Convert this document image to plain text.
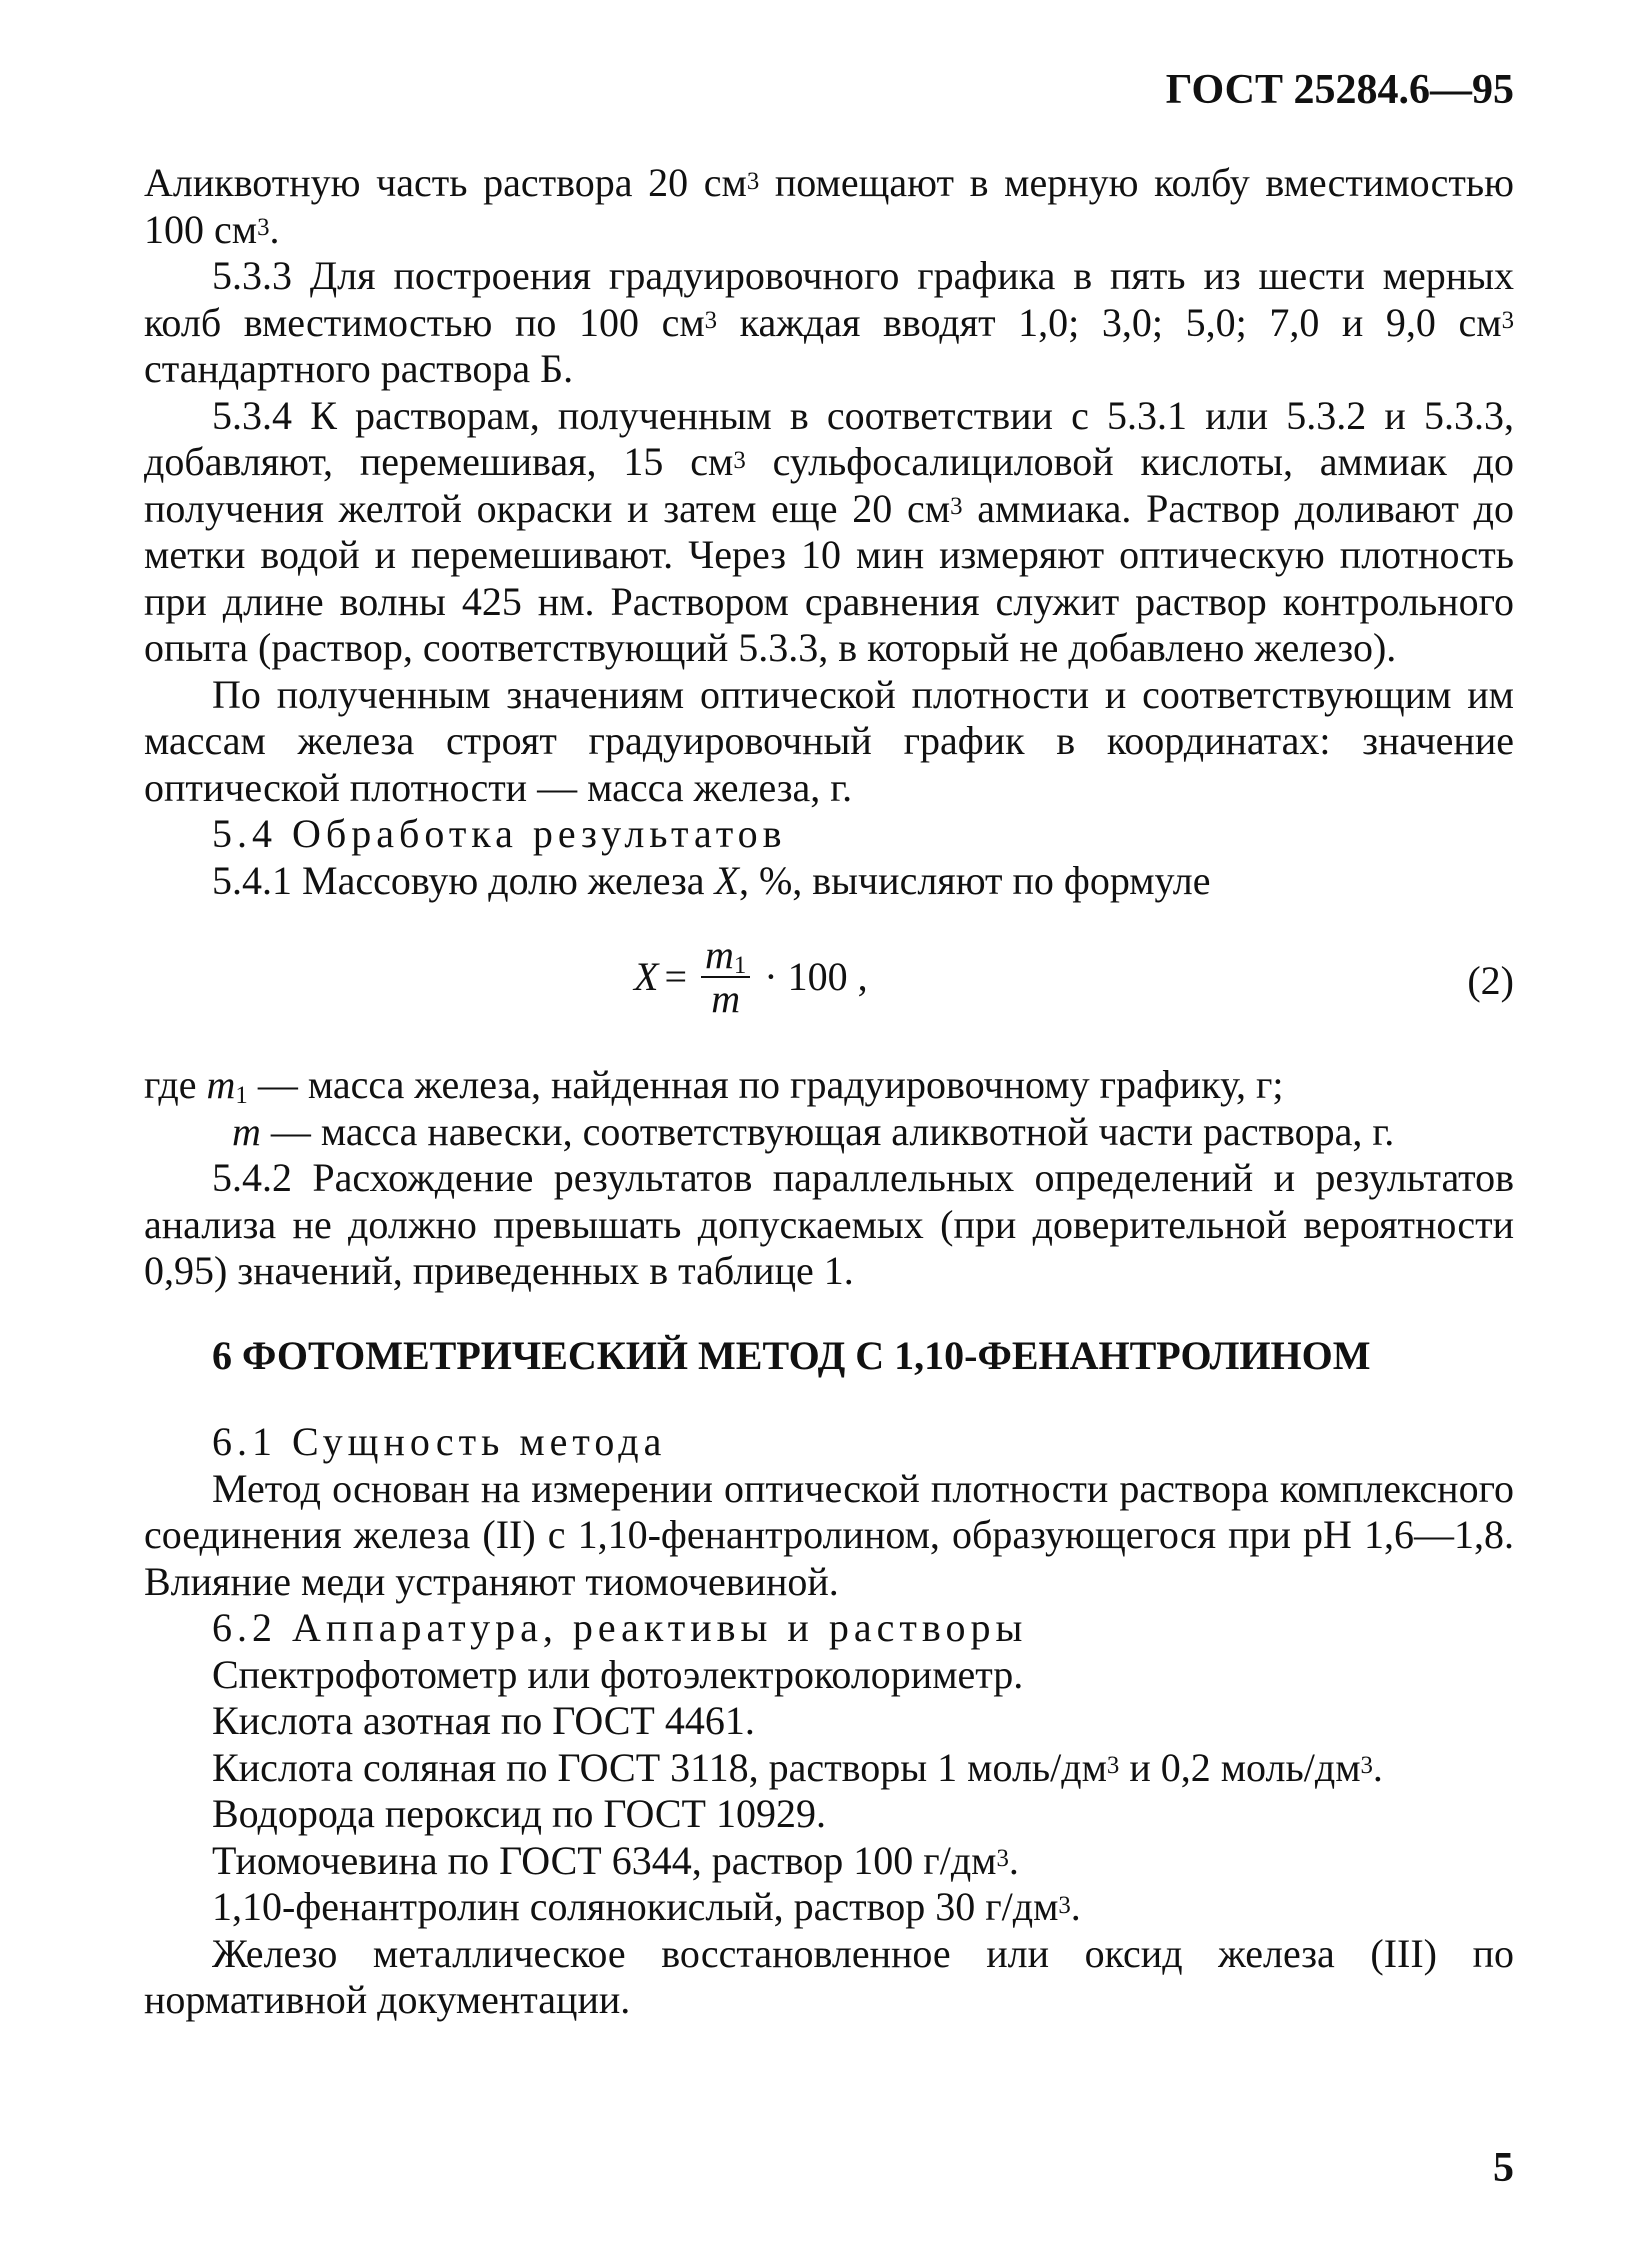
ГОСТ 25284.6—95

Аликвотную часть раствора 20 $см^3$ помещают в мерную колбу вместимостью 100 $см^3$.

5.3.3 Для построения градуировочного графика в пять из шести мерных колб вместимостью по 100 $см^3$ каждая вводят 1,0; 3,0; 5,0; 7,0 и 9,0 $см^3$ стандартного раствора Б.

5.3.4 К растворам, полученным в соответствии с 5.3.1 или 5.3.2 и 5.3.3, добавляют, перемешивая, 15 $см^3$ сульфосалициловой кислоты, аммиак до получения желтой окраски и затем еще 20 $см^3$ аммиака. Раствор доливают до метки водой и перемешивают. Через 10 мин измеряют оптическую плотность при длине волны 425 нм. Раствором сравнения служит раствор контрольного опыта (раствор, соответствующий 5.3.3, в который не добавлено железо).

По полученным значениям оптической плотности и соответствующим им массам железа строят градуировочный график в координатах: значение оптической плотности — масса железа, г.

5.4 Обработка результатов

5.4.1 Массовую долю железа X, %, вычисляют по формуле

$X = \frac{m_1}{m} \cdot 100$ ,	(2)

где $m_1$ — масса железа, найденная по градуировочному графику, г;

m — масса навески, соответствующая аликвотной части раствора, г.

5.4.2 Расхождение результатов параллельных определений и результатов анализа не должно превышать допускаемых (при доверительной вероятности 0,95) значений, приведенных в таблице 1.

6 ФОТОМЕТРИЧЕСКИЙ МЕТОД С 1,10-ФЕНАНТРОЛИНОМ

6.1 Сущность метода

Метод основан на измерении оптической плотности раствора комплексного соединения железа (II) с 1,10-фенантролином, образующегося при pH 1,6—1,8. Влияние меди устраняют тиомочевиной.

6.2 Аппаратура, реактивы и растворы

Спектрофотометр или фотоэлектроколориметр.

Кислота азотная по ГОСТ 4461.

Кислота соляная по ГОСТ 3118, растворы 1 моль/$дм^3$ и 0,2 моль/$дм^3$.

Водорода пероксид по ГОСТ 10929.

Тиомочевина по ГОСТ 6344, раствор 100 $г/дм^3$.

1,10-фенантролин солянокислый, раствор 30 $г/дм^3$.

Железо металлическое восстановленное или оксид железа (III) по нормативной документации.

5
